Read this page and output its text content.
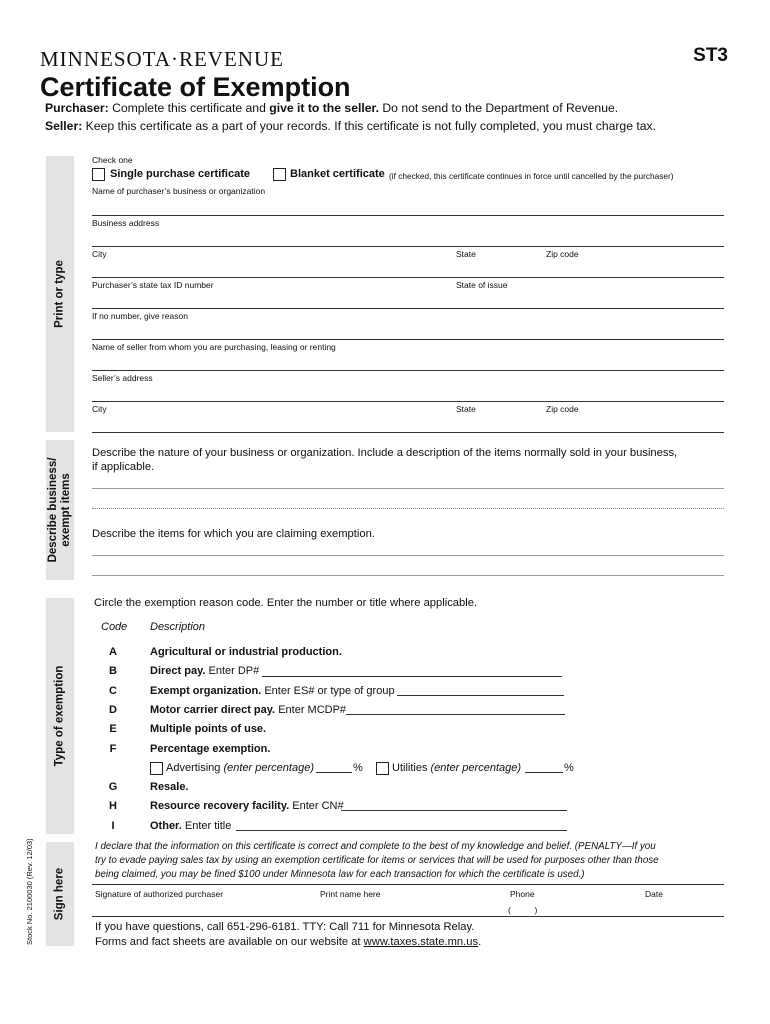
MINNESOTA·REVENUE	ST3
Certificate of Exemption
Purchaser: Complete this certificate and give it to the seller. Do not send to the Department of Revenue.
Seller: Keep this certificate as a part of your records. If this certificate is not fully completed, you must charge tax.
Print or type
Describe business/
exempt items
Type of exemption
Sign here
Stock No. 2100030 (Rev. 12/03)
Check one
Single purchase certificate	Blanket certificate (if checked, this certificate continues in force until cancelled by the purchaser)
Name of purchaser’s business or organization
Business address
City	State	Zip code
Purchaser’s state tax ID number	State of issue
If no number, give reason
Name of seller from whom you are purchasing, leasing or renting
Seller’s address
City	State	Zip code
Describe the nature of your business or organization. Include a description of the items normally sold in your business,
if applicable.
Describe the items for which you are claiming exemption.
Circle the exemption reason code. Enter the number or title where applicable.
Code Description
A	Agricultural or industrial production.
B	Direct pay. Enter DP#
C	Exempt organization. Enter ES# or type of group
D	Motor carrier direct pay. Enter MCDP#
E	Multiple points of use.
F	Percentage exemption.
Advertising (enter percentage)	%	Utilities (enter percentage)	%
G	Resale.
H	Resource recovery facility. Enter CN#
I	Other. Enter title
I declare that the information on this certificate is correct and complete to the best of my knowledge and belief. (PENALTY—If you
try to evade paying sales tax by using an exemption certificate for items or services that will be used for purposes other than those
being claimed, you may be fined $100 under Minnesota law for each transaction for which the certificate is used.)
Signature of authorized purchaser	Print name here	Phone	Date
(          )
If you have questions, call 651-296-6181. TTY: Call 711 for Minnesota Relay.
Forms and fact sheets are available on our website at www.taxes.state.mn.us.
